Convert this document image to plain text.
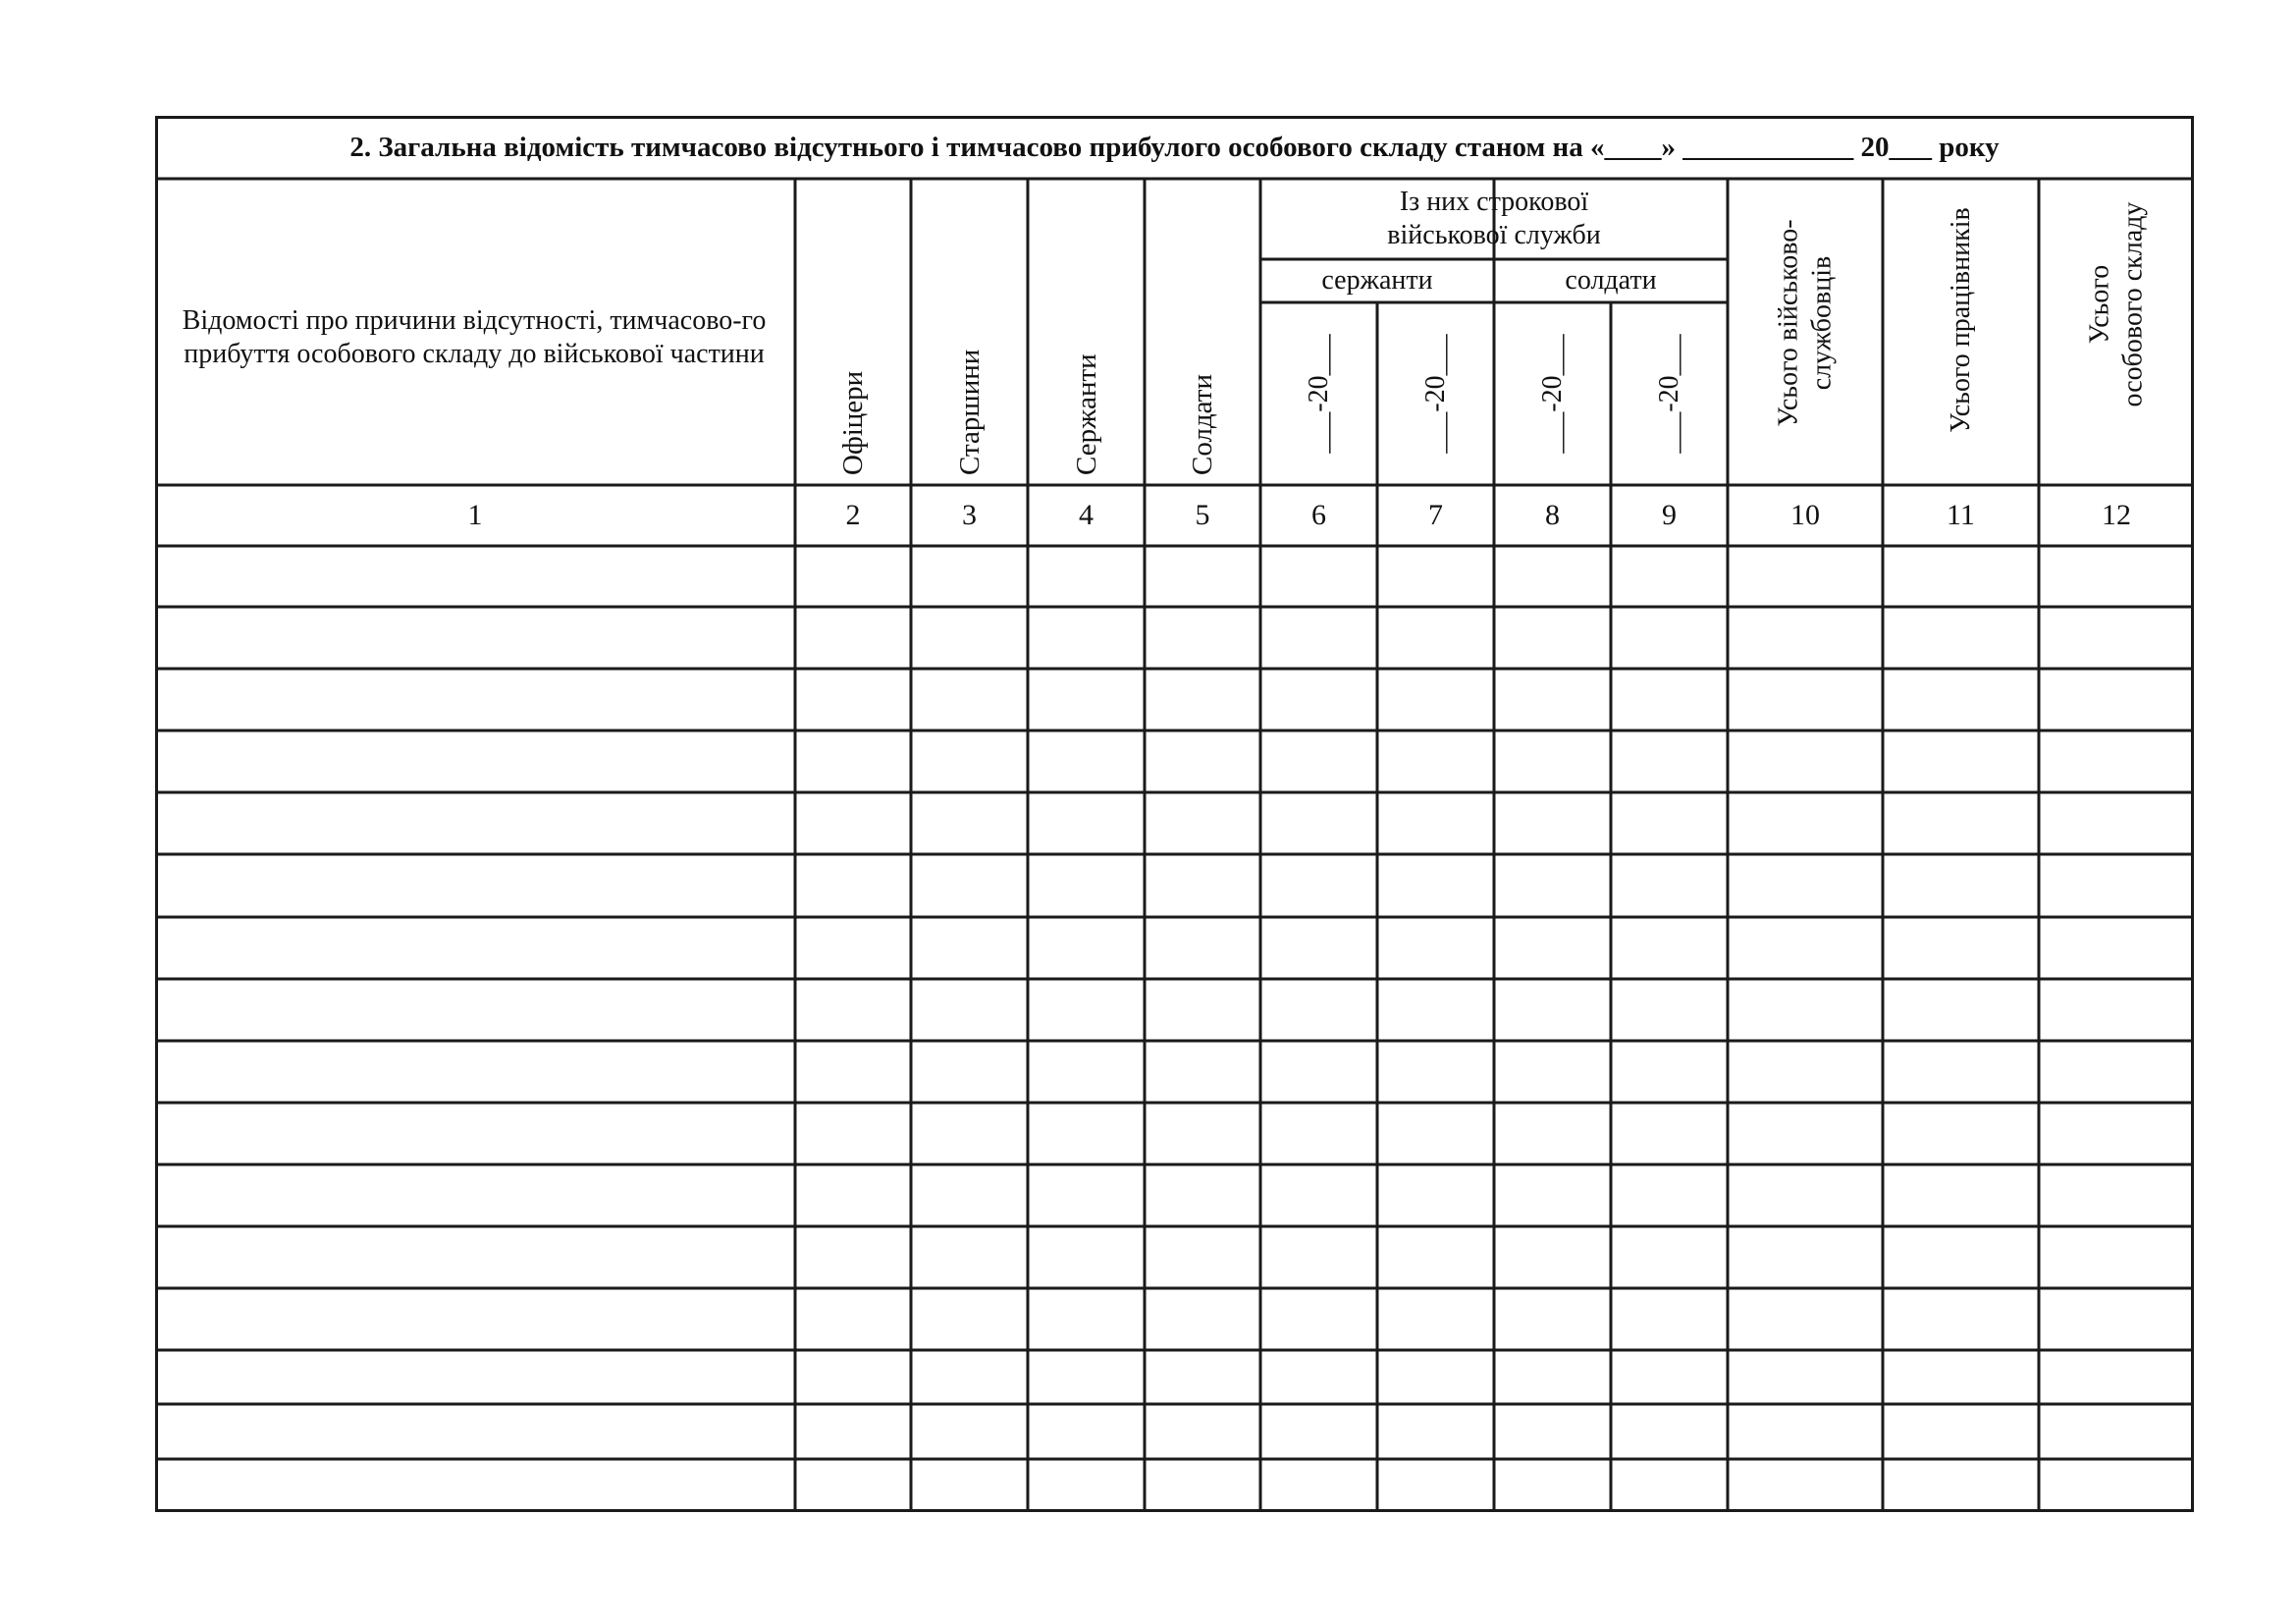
2. Загальна відомість тимчасово відсутнього і тимчасово прибулого особового складу станом на «____» ____________ 20___ року
Відомості про причини відсутності, тимчасово-го прибуття особового складу до військової частини
Офіцери	Старшини	Сержанти	Солдати
Із них строкової
військової служби
сержанти	солдати
___-20___	___-20___	___-20___	___-20___	Усього військово- службовців	Усього працівників	Усього особового складу
1	2	3	4	5	6	7	8	9	10	11	12
